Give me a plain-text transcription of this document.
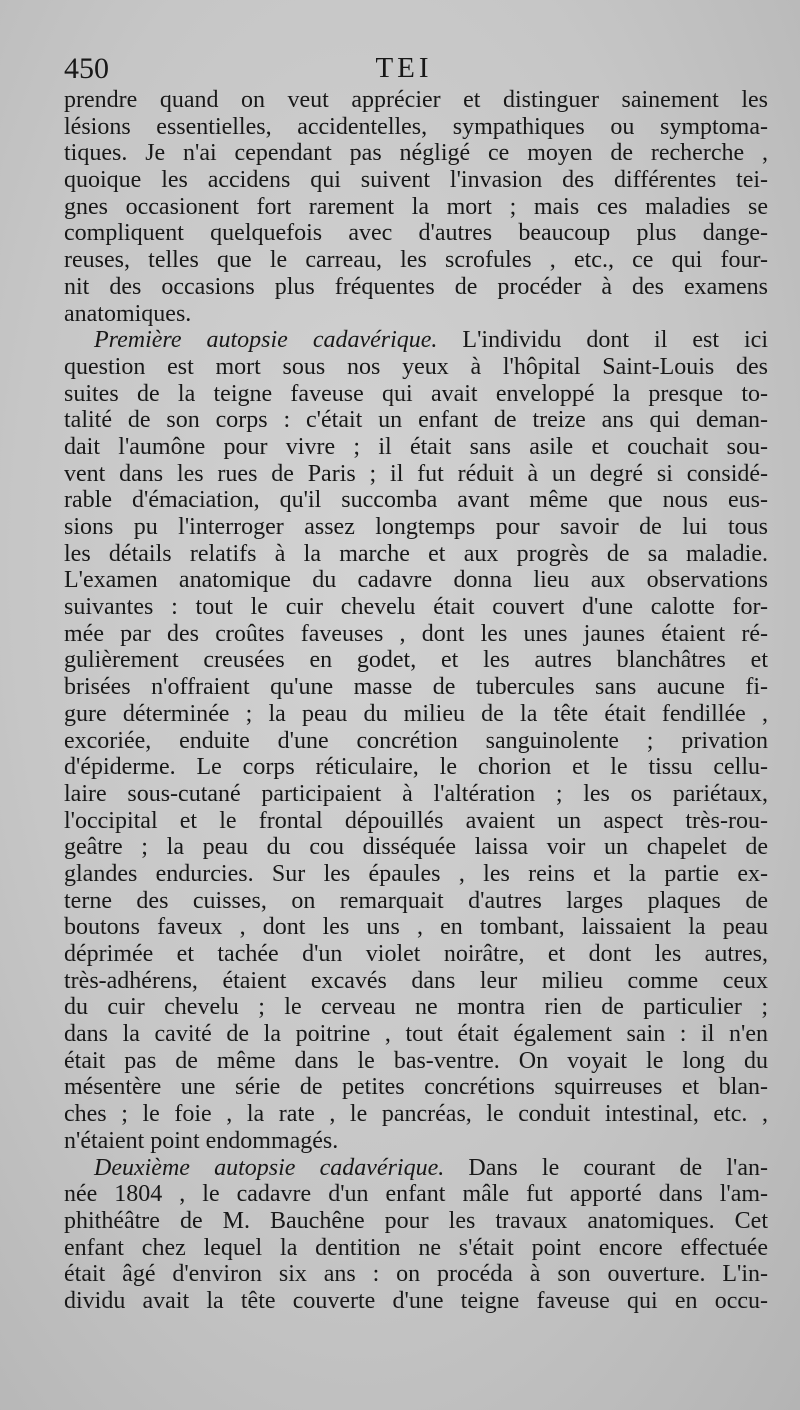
450	TEI
prendre quand on veut apprécier et distinguer sainement les
lésions essentielles, accidentelles, sympathiques ou symptoma-
tiques. Je n'ai cependant pas négligé ce moyen de recherche ,
quoique les accidens qui suivent l'invasion des différentes tei-
gnes occasionent fort rarement la mort ; mais ces maladies se
compliquent quelquefois avec d'autres beaucoup plus dange-
reuses, telles que le carreau, les scrofules , etc., ce qui four-
nit des occasions plus fréquentes de procéder à des examens
anatomiques.
Première autopsie cadavérique. L'individu dont il est ici
question est mort sous nos yeux à l'hôpital Saint-Louis des
suites de la teigne faveuse qui avait enveloppé la presque to-
talité de son corps : c'était un enfant de treize ans qui deman-
dait l'aumône pour vivre ; il était sans asile et couchait sou-
vent dans les rues de Paris ; il fut réduit à un degré si considé-
rable d'émaciation, qu'il succomba avant même que nous eus-
sions pu l'interroger assez longtemps pour savoir de lui tous
les détails relatifs à la marche et aux progrès de sa maladie.
L'examen anatomique du cadavre donna lieu aux observations
suivantes : tout le cuir chevelu était couvert d'une calotte for-
mée par des croûtes faveuses , dont les unes jaunes étaient ré-
gulièrement creusées en godet, et les autres blanchâtres et
brisées n'offraient qu'une masse de tubercules sans aucune fi-
gure déterminée ; la peau du milieu de la tête était fendillée ,
excoriée, enduite d'une concrétion sanguinolente ; privation
d'épiderme. Le corps réticulaire, le chorion et le tissu cellu-
laire sous-cutané participaient à l'altération ; les os pariétaux,
l'occipital et le frontal dépouillés avaient un aspect très-rou-
geâtre ; la peau du cou disséquée laissa voir un chapelet de
glandes endurcies. Sur les épaules , les reins et la partie ex-
terne des cuisses, on remarquait d'autres larges plaques de
boutons faveux , dont les uns , en tombant, laissaient la peau
déprimée et tachée d'un violet noirâtre, et dont les autres,
très-adhérens, étaient excavés dans leur milieu comme ceux
du cuir chevelu ; le cerveau ne montra rien de particulier ;
dans la cavité de la poitrine , tout était également sain : il n'en
était pas de même dans le bas-ventre. On voyait le long du
mésentère une série de petites concrétions squirreuses et blan-
ches ; le foie , la rate , le pancréas, le conduit intestinal, etc. ,
n'étaient point endommagés.
Deuxième autopsie cadavérique. Dans le courant de l'an-
née 1804 , le cadavre d'un enfant mâle fut apporté dans l'am-
phithéâtre de M. Bauchêne pour les travaux anatomiques. Cet
enfant chez lequel la dentition ne s'était point encore effectuée
était âgé d'environ six ans : on procéda à son ouverture. L'in-
dividu avait la tête couverte d'une teigne faveuse qui en occu-
